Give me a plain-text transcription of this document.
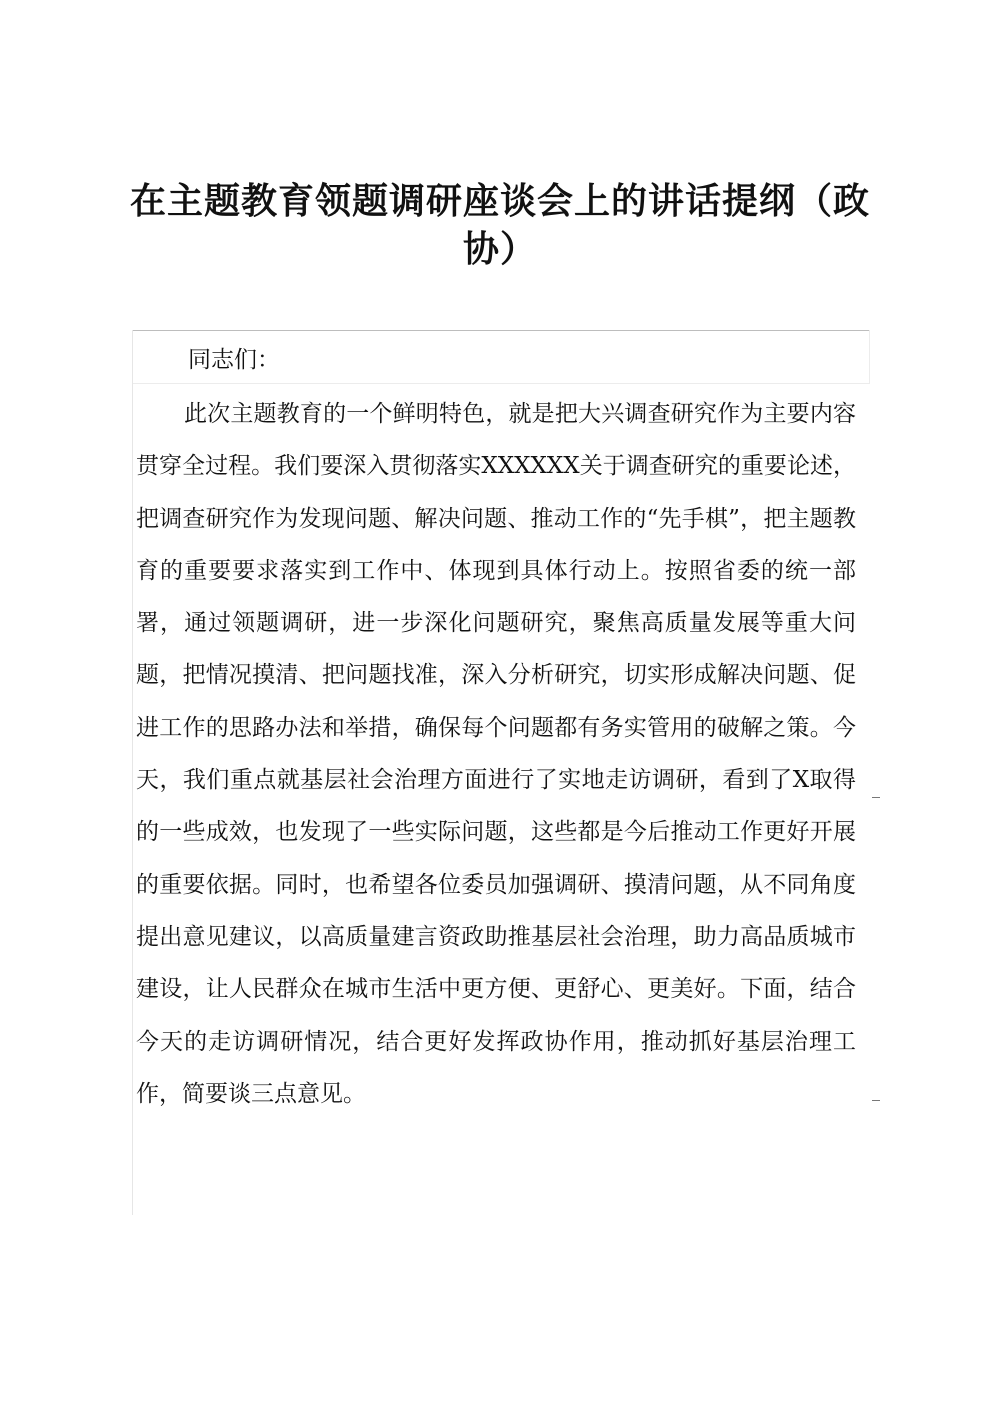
在主题教育领题调研座谈会上的讲话提纲（政协）

同志们：

此次主题教育的一个鲜明特色，就是把大兴调查研究作为主要内容贯穿全过程。我们要深入贯彻落实XXXXXX关于调查研究的重要论述，把调查研究作为发现问题、解决问题、推动工作的“先手棋”，把主题教育的重要要求落实到工作中、体现到具体行动上。按照省委的统一部署，通过领题调研，进一步深化问题研究，聚焦高质量发展等重大问题，把情况摸清、把问题找准，深入分析研究，切实形成解决问题、促进工作的思路办法和举措，确保每个问题都有务实管用的破解之策。今天，我们重点就基层社会治理方面进行了实地走访调研，看到了X取得的一些成效，也发现了一些实际问题，这些都是今后推动工作更好开展的重要依据。同时，也希望各位委员加强调研、摸清问题，从不同角度提出意见建议，以高质量建言资政助推基层社会治理，助力高品质城市建设，让人民群众在城市生活中更方便、更舒心、更美好。下面，结合今天的走访调研情况，结合更好发挥政协作用，推动抓好基层治理工作，简要谈三点意见。
